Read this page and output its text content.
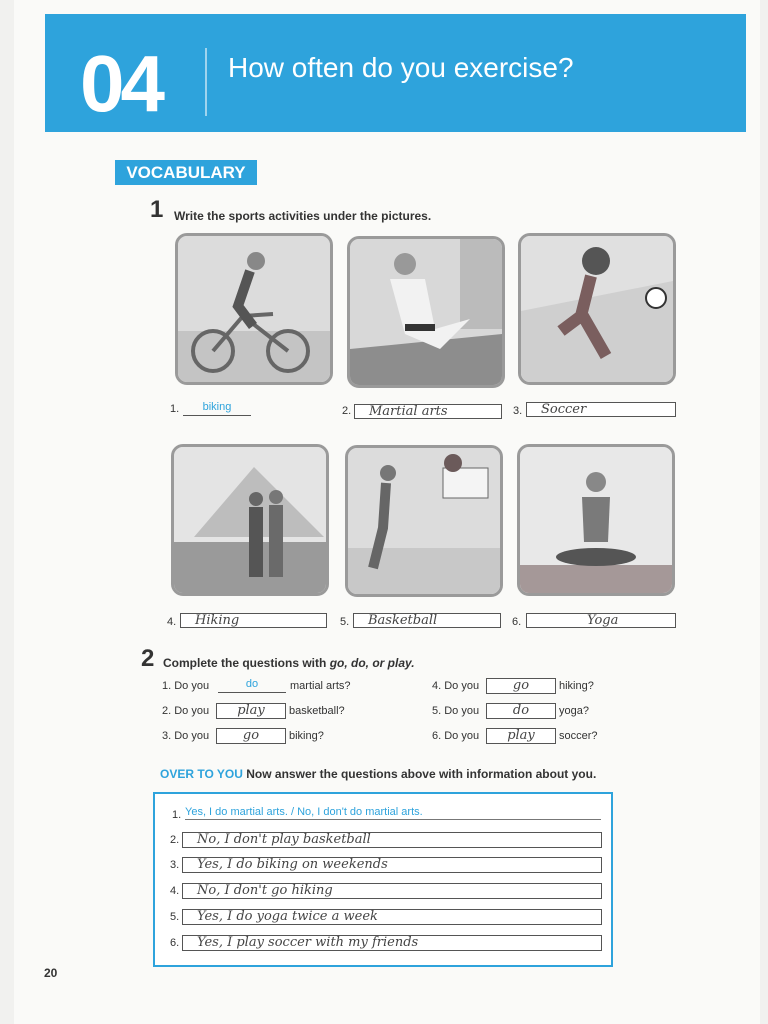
04 How often do you exercise?
VOCABULARY
1 Write the sports activities under the pictures.
1.	biking	2.	Martial arts	3.	Soccer
4.	Hiking	5.	Basketball	6.	Yoga
2 Complete the questions with go, do, or play.
1. Do you	do	martial arts?
2. Do you	play	basketball?
3. Do you	go	biking?
4. Do you	go	hiking?
5. Do you	do	yoga?
6. Do you	play	soccer?
OVER TO YOU Now answer the questions above with information about you.
1. Yes, I do martial arts. / No, I don't do martial arts.
2.	No, I don't play basketball
3.	Yes, I do biking on weekends
4.	No, I don't go hiking
5.	Yes, I do yoga twice a week
6.	Yes, I play soccer with my friends
20
